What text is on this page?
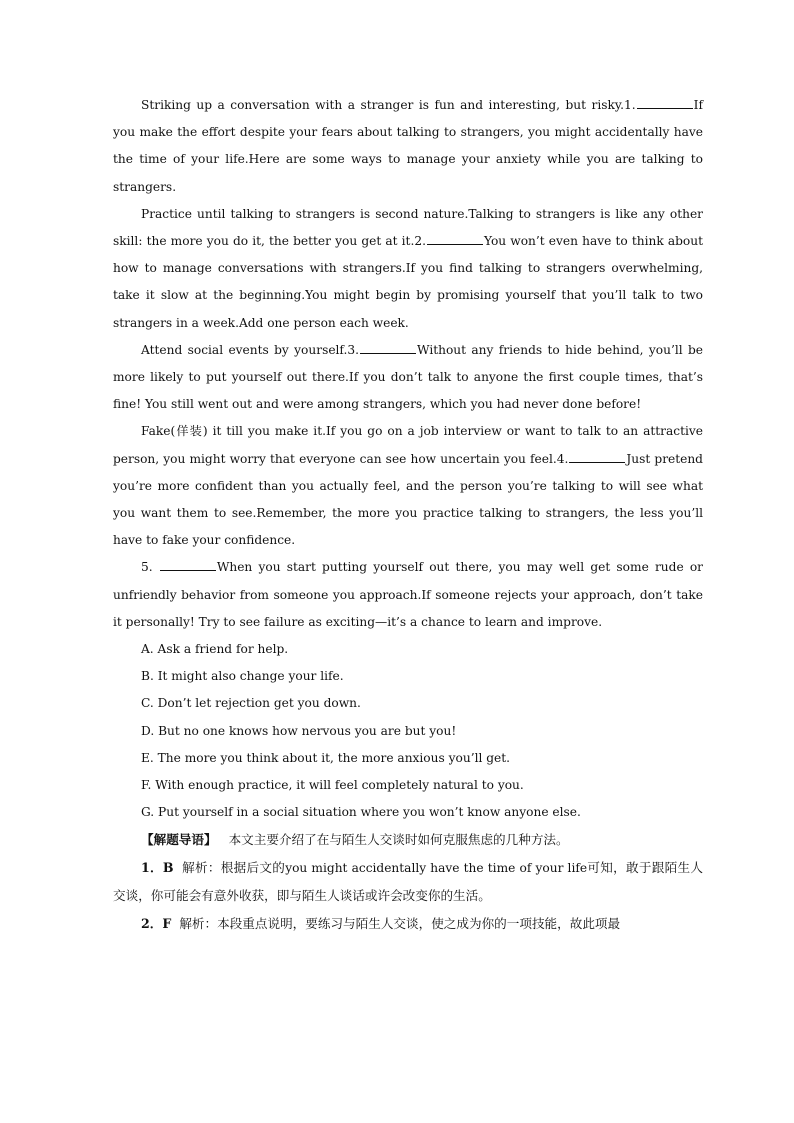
Striking up a conversation with a stranger is fun and interesting, but risky.1.	If you make the effort despite your fears about talking to strangers, you might accidentally have the time of your life.Here are some ways to manage your anxiety while you are talking to strangers.

Practice until talking to strangers is second nature.Talking to strangers is like any other skill: the more you do it, the better you get at it.2.	You won’t even have to think about how to manage conversations with strangers.If you find talking to strangers overwhelming, take it slow at the beginning.You might begin by promising yourself that you’ll talk to two strangers in a week.Add one person each week.

Attend social events by yourself.3.	Without any friends to hide behind, you’ll be more likely to put yourself out there.If you don’t talk to anyone the first couple times, that’s fine! You still went out and were among strangers, which you had never done before!

Fake(佯装) it till you make it.If you go on a job interview or want to talk to an attractive person, you might worry that everyone can see how uncertain you feel.4.	Just pretend you’re more confident than you actually feel, and the person you’re talking to will see what you want them to see.Remember, the more you practice talking to strangers, the less you’ll have to fake your confidence.

5.	When you start putting yourself out there, you may well get some rude or unfriendly behavior from someone you approach.If someone rejects your approach, don’t take it personally! Try to see failure as exciting—it’s a chance to learn and improve.

A. Ask a friend for help.
B. It might also change your life.
C. Don’t let rejection get you down.
D. But no one knows how nervous you are but you!
E. The more you think about it, the more anxious you’ll get.
F. With enough practice, it will feel completely natural to you.
G. Put yourself in a social situation where you won’t know anyone else.
【解题导语】 本文主要介绍了在与陌生人交谈时如何克服焦虑的几种方法。
1．B 解析：根据后文的you might accidentally have the time of your life可知，敢于跟陌生人交谈，你可能会有意外收获，即与陌生人谈话或许会改变你的生活。
2．F 解析：本段重点说明，要练习与陌生人交谈，使之成为你的一项技能，故此项最
